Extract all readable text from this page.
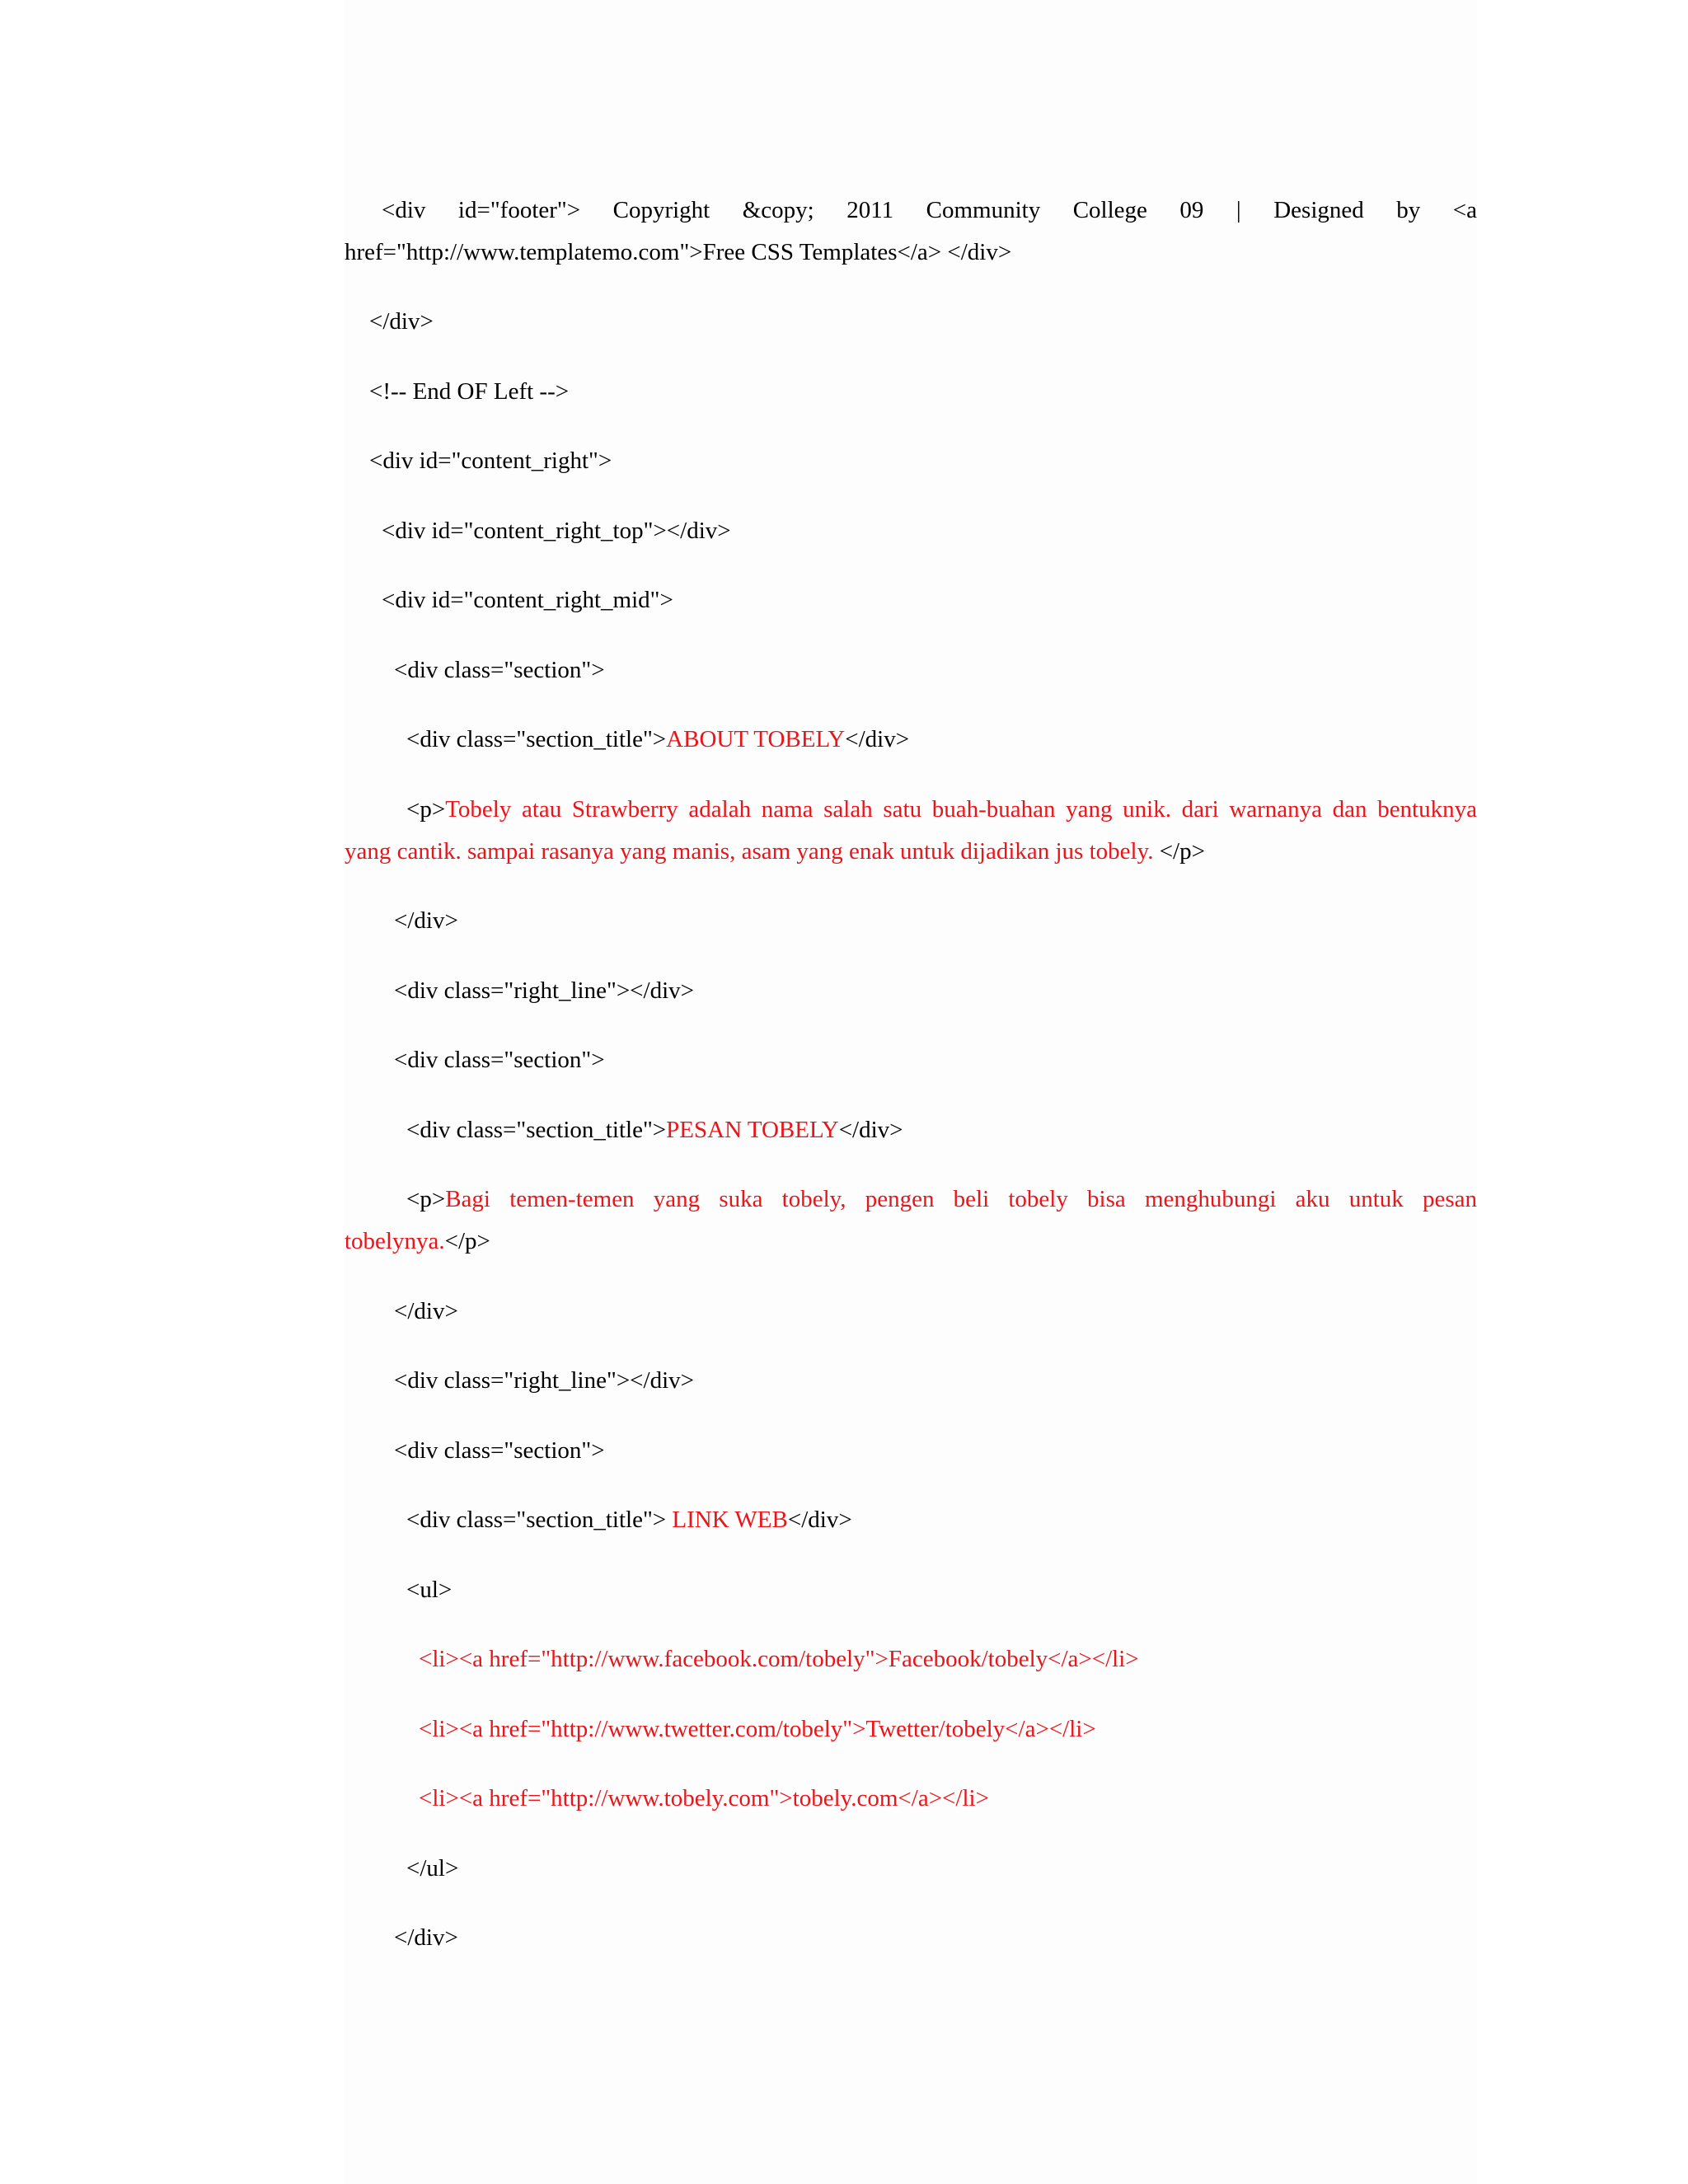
<div id="footer"> Copyright &copy; 2011 Community College 09 | Designed by <a

href="http://www.templatemo.com">Free CSS Templates</a> </div>

</div>

<!-- End OF Left -->

<div id="content_right">

<div id="content_right_top"></div>

<div id="content_right_mid">

<div class="section">

<div class="section_title">ABOUT TOBELY</div>

<p>Tobely atau Strawberry adalah nama salah satu buah-buahan yang unik. dari warnanya dan bentuknya

yang cantik. sampai rasanya yang manis, asam yang enak untuk dijadikan jus tobely. </p>

</div>

<div class="right_line"></div>

<div class="section">

<div class="section_title">PESAN TOBELY</div>

<p>Bagi temen-temen yang suka tobely, pengen beli tobely bisa menghubungi aku untuk pesan

tobelynya.</p>

</div>

<div class="right_line"></div>

<div class="section">

<div class="section_title"> LINK WEB</div>

<ul>

<li><a href="http://www.facebook.com/tobely">Facebook/tobely</a></li>

<li><a href="http://www.twetter.com/tobely">Twetter/tobely</a></li>

<li><a href="http://www.tobely.com">tobely.com</a></li>

</ul>

</div>
